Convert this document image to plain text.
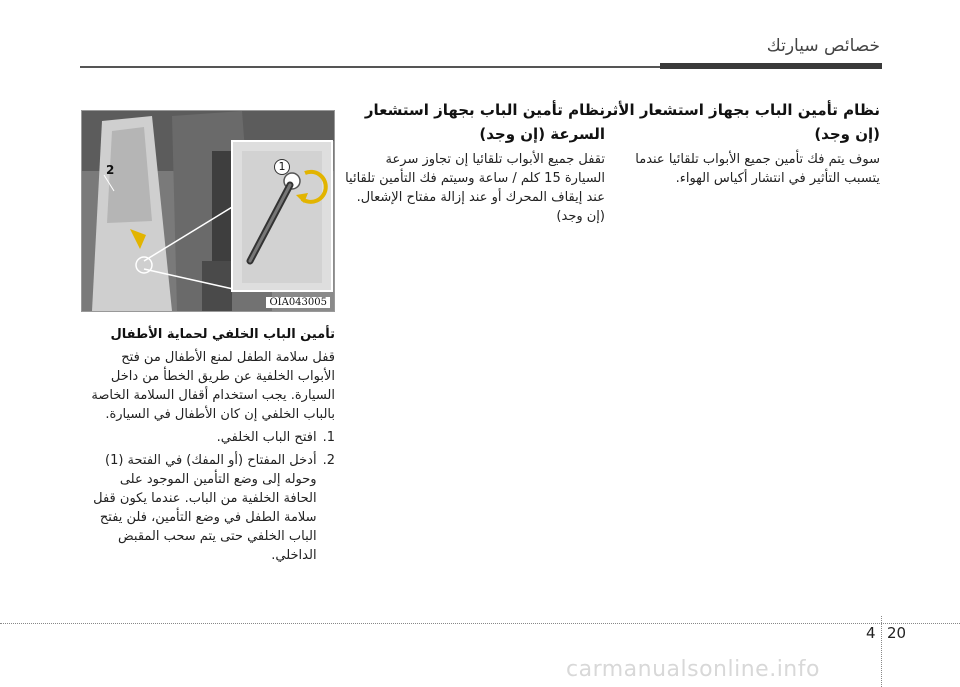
خصائص سيارتك
نظام تأمين الباب بجهاز استشعار الأثر (إن وجد)

سوف يتم فك تأمين جميع الأبواب تلقائيا عندما يتسبب التأثير في انتشار أكياس الهواء.

نظام تأمين الباب بجهاز استشعار السرعة (إن وجد)

تقفل جميع الأبواب تلقائيا إن تجاوز سرعة السيارة 15 كلم / ساعة وسيتم فك التأمين تلقائيا عند إيقاف المحرك أو عند إزالة مفتاح الإشعال. (إن وجد)

1
2
OIA043005
تأمين الباب الخلفي لحماية الأطفال

قفل سلامة الطفل لمنع الأطفال من فتح الأبواب الخلفية عن طريق الخطأ من داخل السيارة. يجب استخدام أقفال السلامة الخاصة بالباب الخلفي إن كان الأطفال في السيارة.

1.
افتح الباب الخلفي.
2.
أدخل المفتاح (أو المفك) في الفتحة (1) وحوله إلى وضع التأمين الموجود على الحافة الخلفية من الباب. عندما يكون قفل سلامة الطفل في وضع التأمين، فلن يفتح الباب الخلفي حتى يتم سحب المقبض الداخلي.
4 20
carmanualsonline.info
